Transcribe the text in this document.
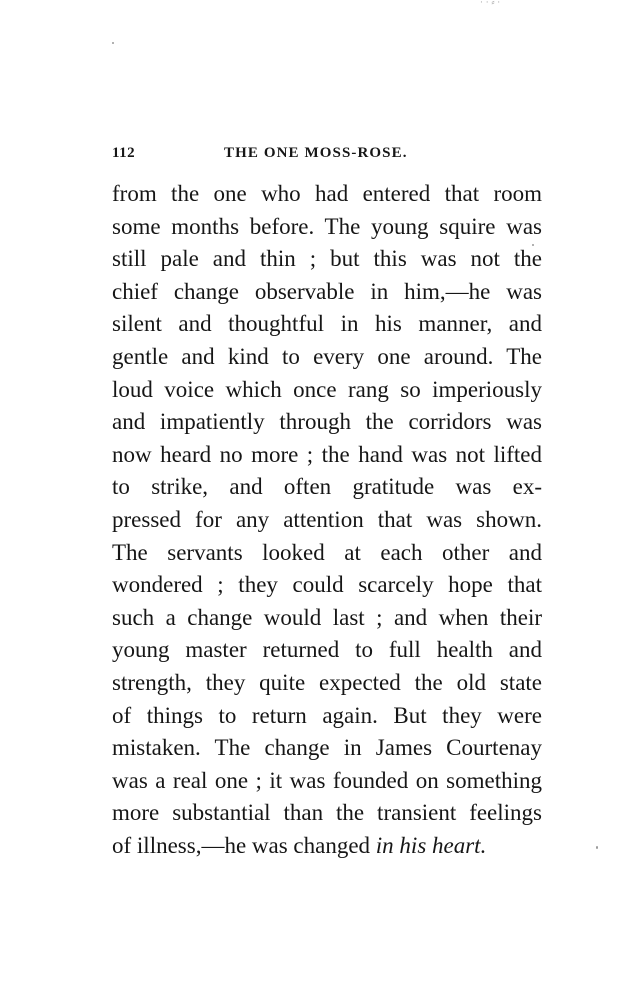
· · ⸗ ·
112	THE ONE MOSS-ROSE.
from the one who had entered that room
some months before. The young squire was
still pale and thin ; but this was not the
chief change observable in him,—he was
silent and thoughtful in his manner, and
gentle and kind to every one around. The
loud voice which once rang so imperiously
and impatiently through the corridors was
now heard no more ; the hand was not lifted
to strike, and often gratitude was ex-
pressed for any attention that was shown.
The servants looked at each other and
wondered ; they could scarcely hope that
such a change would last ; and when their
young master returned to full health and
strength, they quite expected the old state
of things to return again. But they were
mistaken. The change in James Courtenay
was a real one ; it was founded on something
more substantial than the transient feelings
of illness,—he was changed in his heart.
